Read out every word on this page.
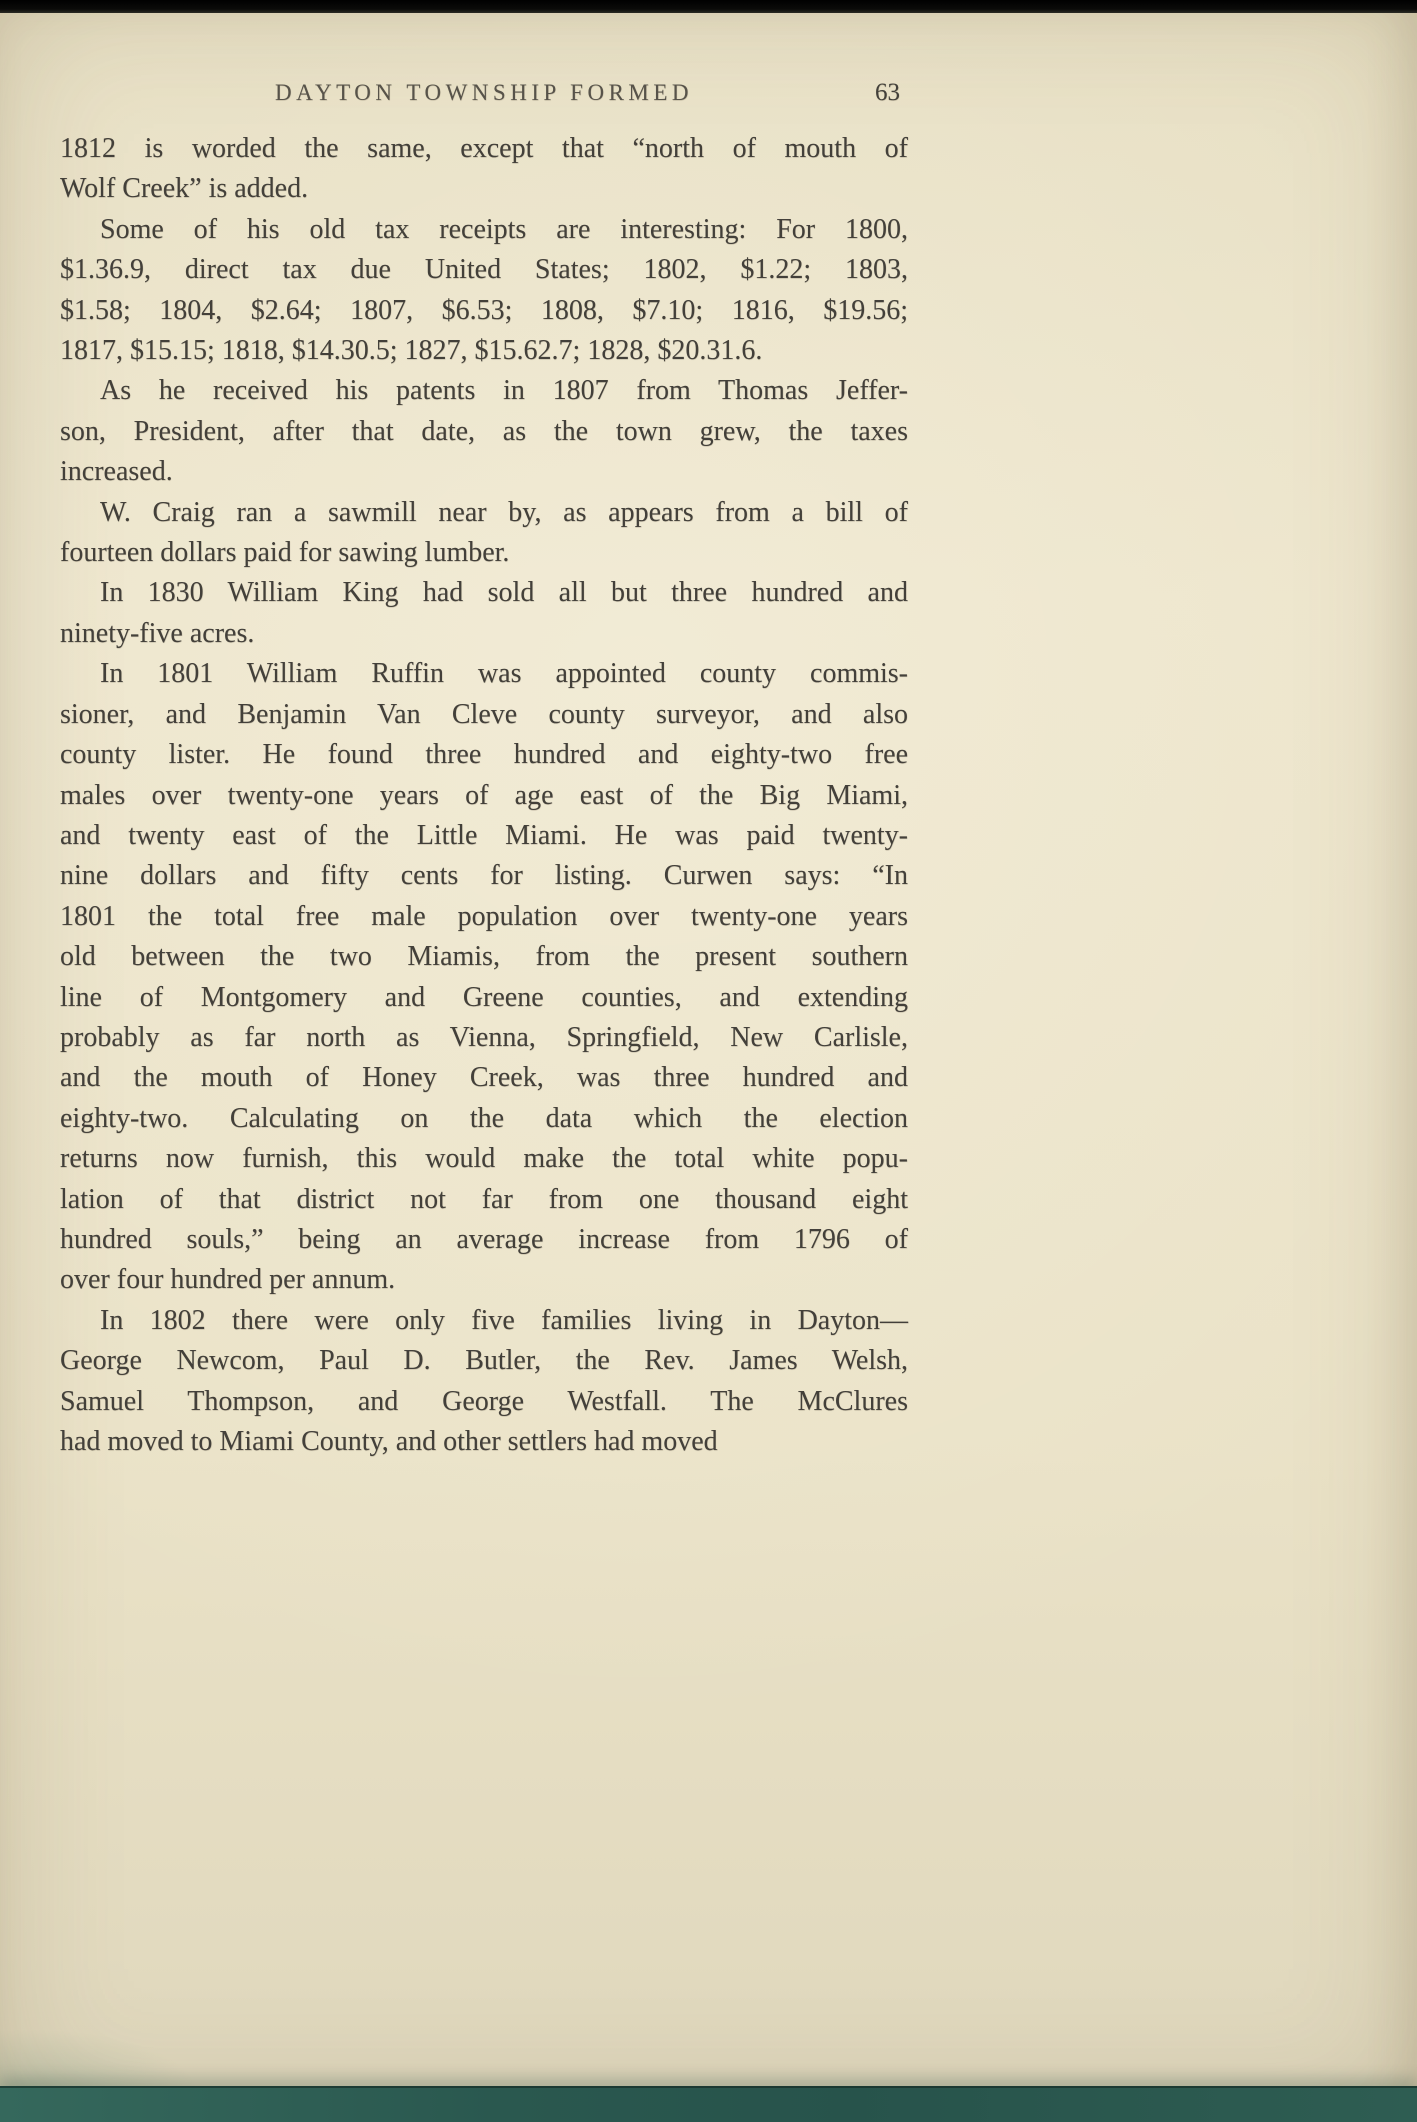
DAYTON TOWNSHIP FORMED	63
1812 is worded the same, except that “north of mouth of
Wolf Creek” is added.
Some of his old tax receipts are interesting: For 1800,
$1.36.9, direct tax due United States; 1802, $1.22; 1803,
$1.58; 1804, $2.64; 1807, $6.53; 1808, $7.10; 1816, $19.56;
1817, $15.15; 1818, $14.30.5; 1827, $15.62.7; 1828, $20.31.6.
As he received his patents in 1807 from Thomas Jeffer-
son, President, after that date, as the town grew, the taxes
increased.
W. Craig ran a sawmill near by, as appears from a bill of
fourteen dollars paid for sawing lumber.
In 1830 William King had sold all but three hundred and
ninety-five acres.
In 1801 William Ruffin was appointed county commis-
sioner, and Benjamin Van Cleve county surveyor, and also
county lister. He found three hundred and eighty-two free
males over twenty-one years of age east of the Big Miami,
and twenty east of the Little Miami. He was paid twenty-
nine dollars and fifty cents for listing. Curwen says: “In
1801 the total free male population over twenty-one years
old between the two Miamis, from the present southern
line of Montgomery and Greene counties, and extending
probably as far north as Vienna, Springfield, New Carlisle,
and the mouth of Honey Creek, was three hundred and
eighty-two. Calculating on the data which the election
returns now furnish, this would make the total white popu-
lation of that district not far from one thousand eight
hundred souls,” being an average increase from 1796 of
over four hundred per annum.
In 1802 there were only five families living in Dayton—
George Newcom, Paul D. Butler, the Rev. James Welsh,
Samuel Thompson, and George Westfall. The McClures
had moved to Miami County, and other settlers had moved
